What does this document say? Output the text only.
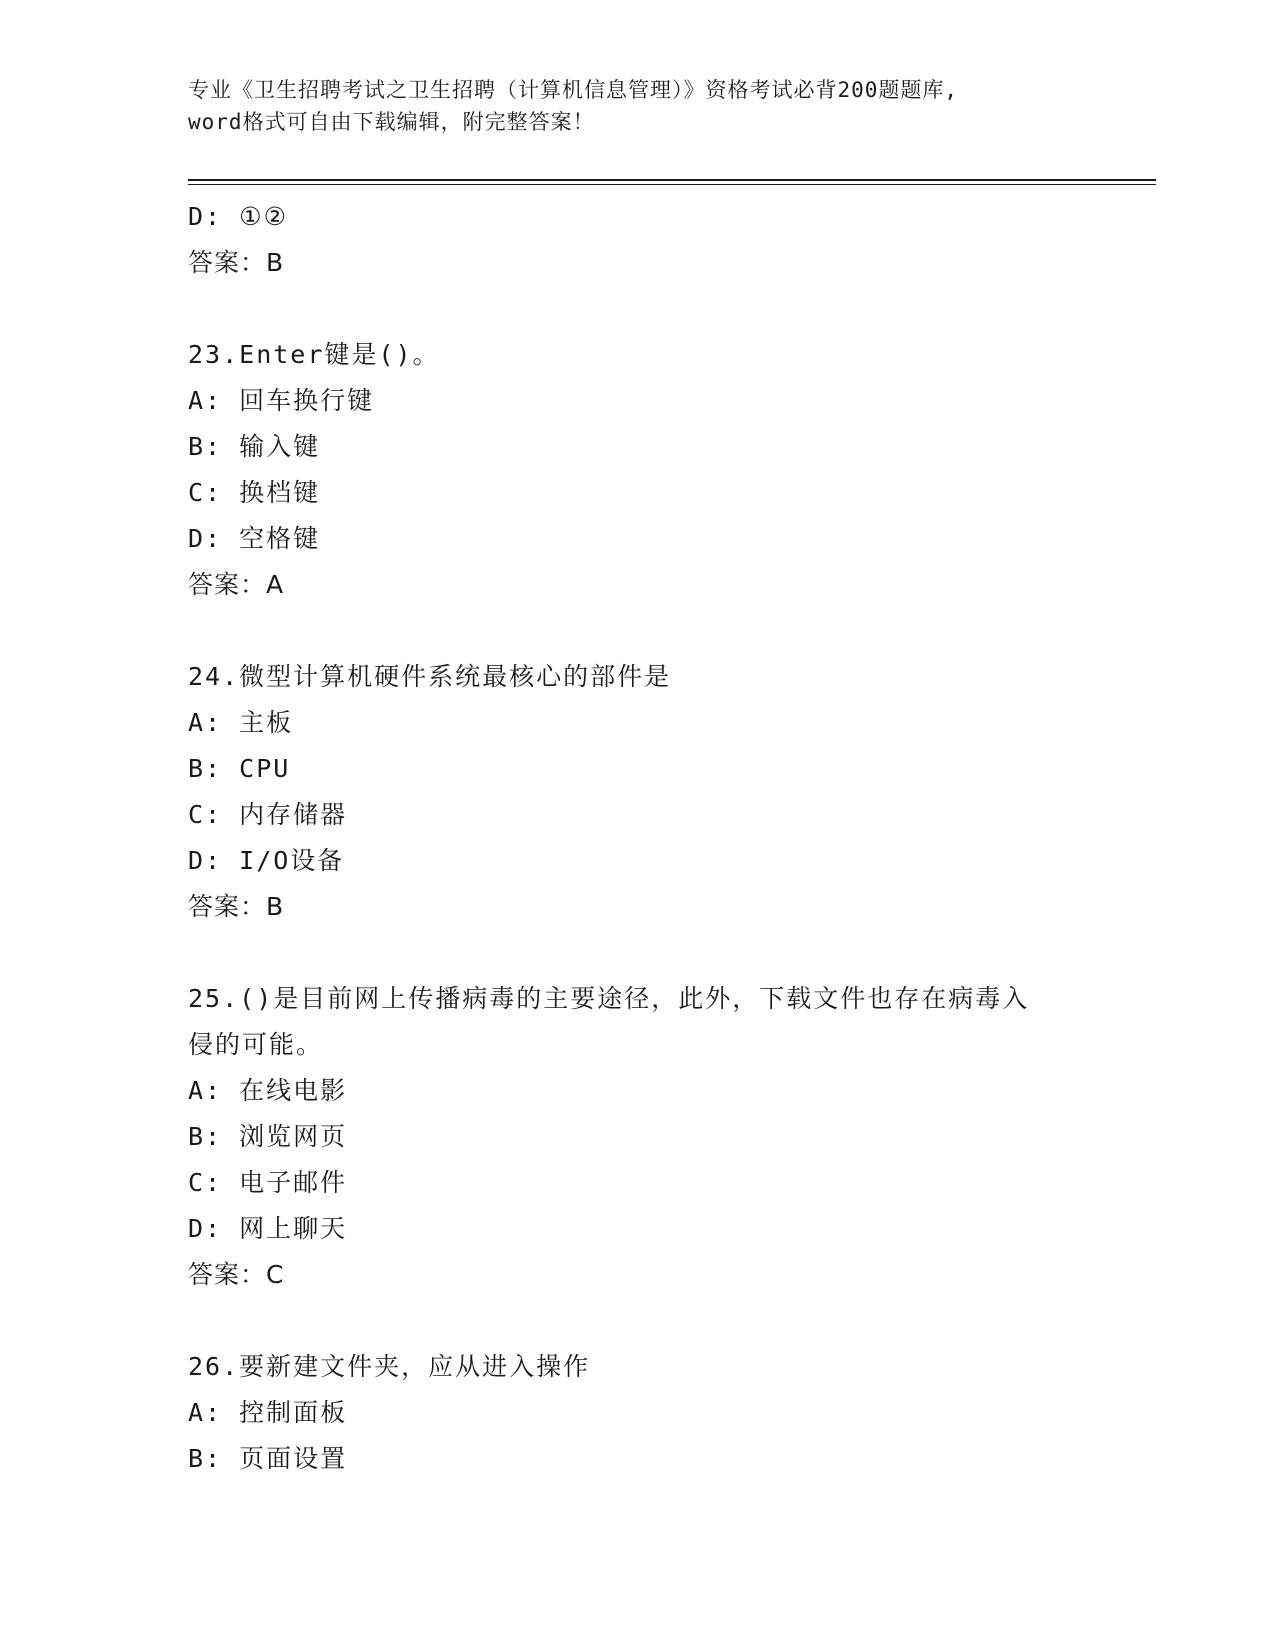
专业《卫生招聘考试之卫生招聘（计算机信息管理）》资格考试必背200题题库,
word格式可自由下载编辑，附完整答案！
D: ①②
答案：B
23.Enter键是()。
A: 回车换行键
B: 输入键
C: 换档键
D: 空格键
答案：A
24.微型计算机硬件系统最核心的部件是
A: 主板
B: CPU
C: 内存储器
D: I/O设备
答案：B
25.()是目前网上传播病毒的主要途径，此外，下载文件也存在病毒入
侵的可能。
A: 在线电影
B: 浏览网页
C: 电子邮件
D: 网上聊天
答案：C
26.要新建文件夹，应从进入操作
A: 控制面板
B: 页面设置
